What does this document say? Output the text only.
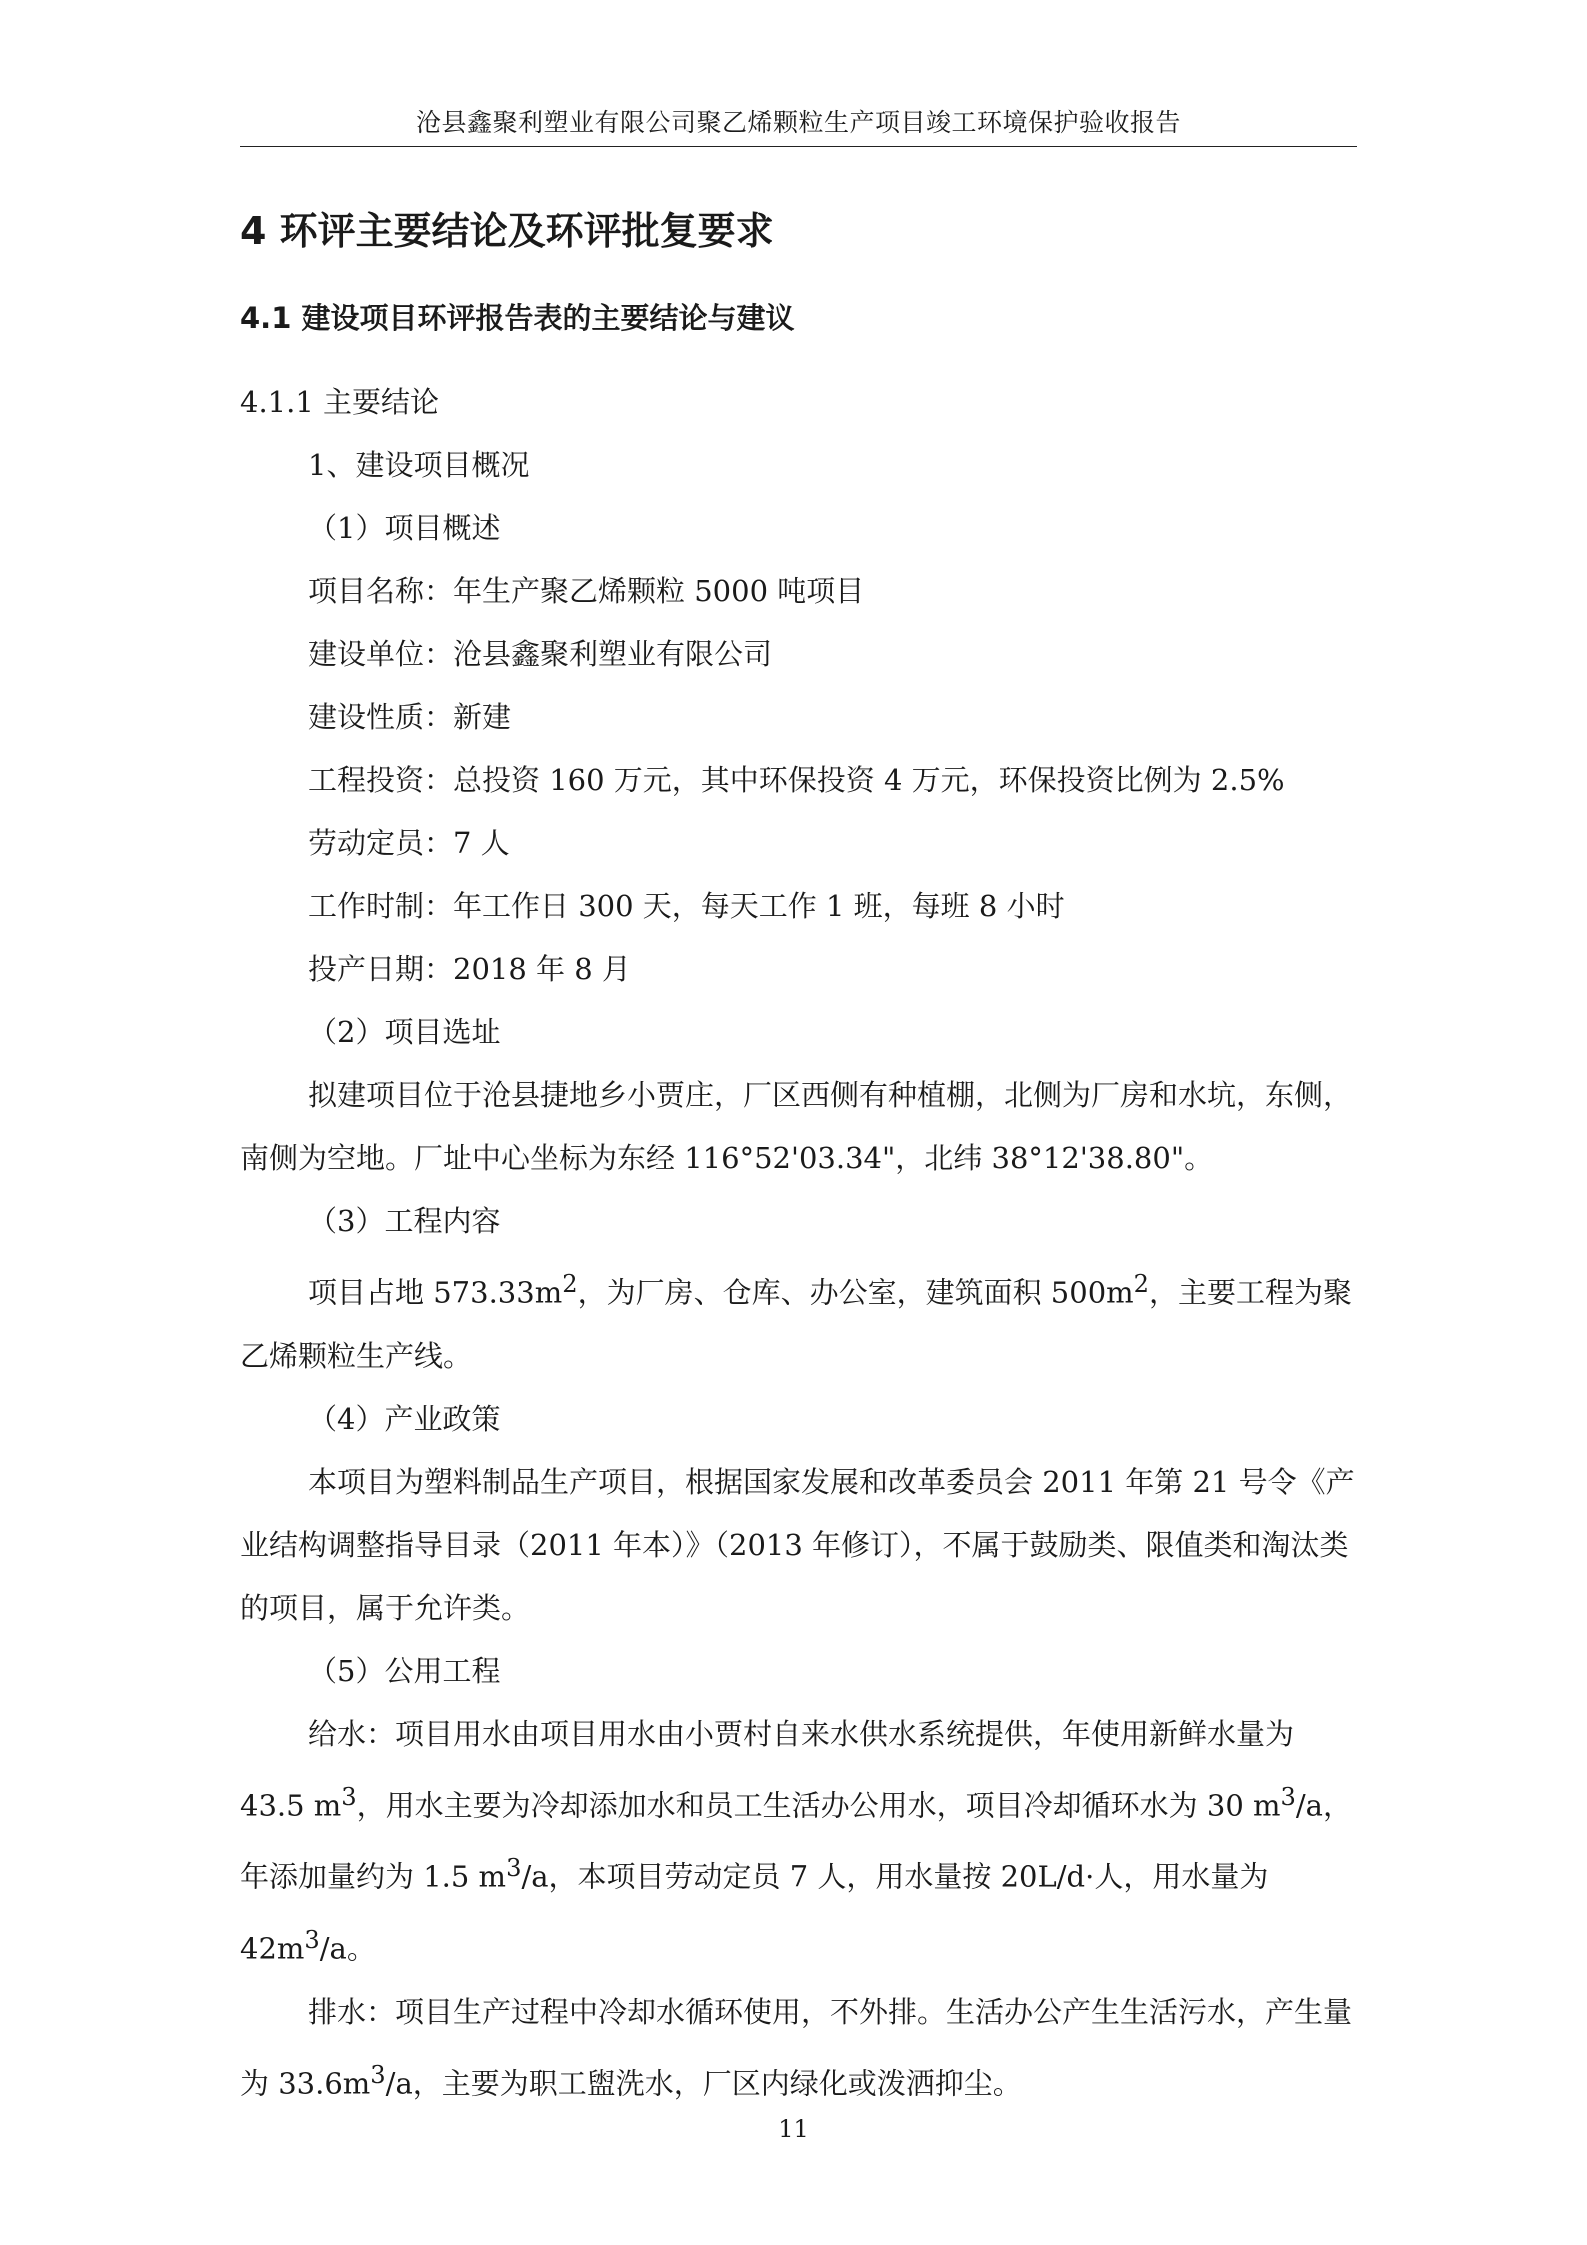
沧县鑫聚利塑业有限公司聚乙烯颗粒生产项目竣工环境保护验收报告
4 环评主要结论及环评批复要求
4.1 建设项目环评报告表的主要结论与建议

4.1.1 主要结论

1、建设项目概况

（1）项目概述

项目名称：年生产聚乙烯颗粒 5000 吨项目

建设单位：沧县鑫聚利塑业有限公司

建设性质：新建

工程投资：总投资 160 万元，其中环保投资 4 万元，环保投资比例为 2.5%

劳动定员：7 人

工作时制：年工作日 300 天，每天工作 1 班，每班 8 小时

投产日期：2018 年 8 月

（2）项目选址

拟建项目位于沧县捷地乡小贾庄，厂区西侧有种植棚，北侧为厂房和水坑，东侧，南侧为空地。厂址中心坐标为东经 116°52'03.34"，北纬 38°12'38.80"。

（3）工程内容

项目占地 $573.33m^2$，为厂房、仓库、办公室，建筑面积 $500m^2$，主要工程为聚乙烯颗粒生产线。

（4）产业政策

本项目为塑料制品生产项目，根据国家发展和改革委员会 2011 年第 21 号令《产业结构调整指导目录（2011 年本）》（2013 年修订），不属于鼓励类、限值类和淘汰类的项目，属于允许类。

（5）公用工程

给水：项目用水由项目用水由小贾村自来水供水系统提供，年使用新鲜水量为 43.5 $m^3$，用水主要为冷却添加水和员工生活办公用水，项目冷却循环水为 30 $m^3/a$，年添加量约为 1.5 $m^3/a$，本项目劳动定员 7 人，用水量按 20L/d·人，用水量为 $42m^3/a$。

排水：项目生产过程中冷却水循环使用，不外排。生活办公产生生活污水，产生量为 $33.6m^3/a$，主要为职工盥洗水，厂区内绿化或泼洒抑尘。

11
